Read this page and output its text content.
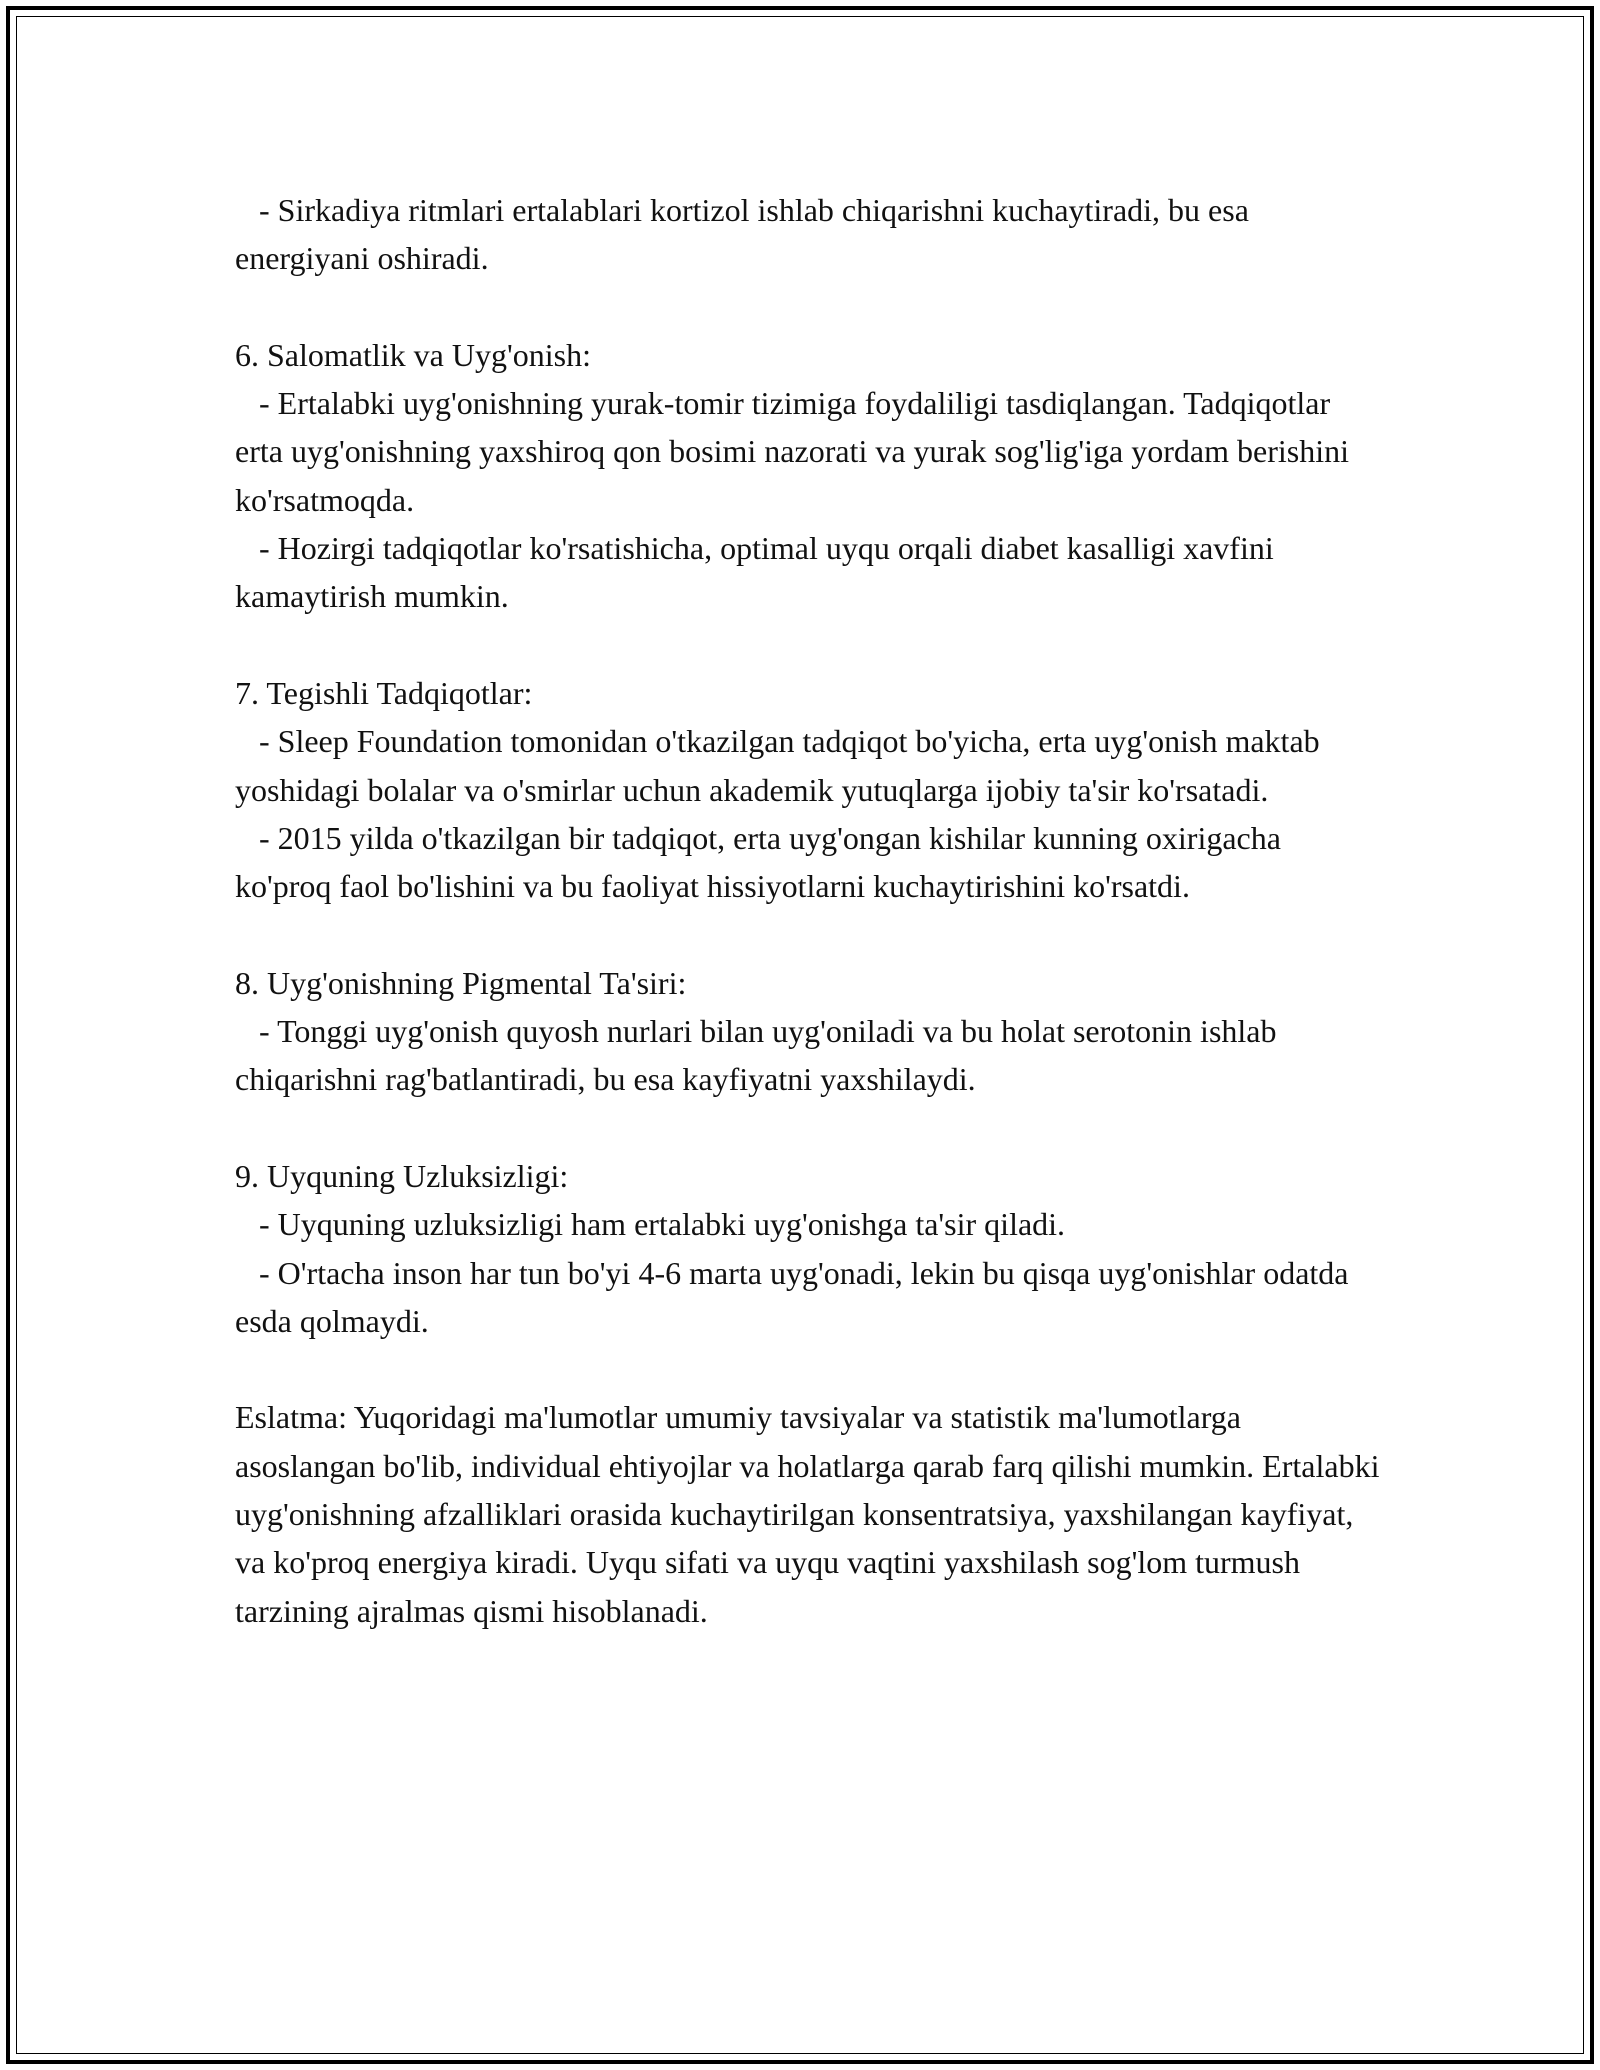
- Sirkadiya ritmlari ertalablari kortizol ishlab chiqarishni kuchaytiradi, bu esa energiyani oshiradi.

6. Salomatlik va Uyg'onish:

- Ertalabki uyg'onishning yurak-tomir tizimiga foydaliligi tasdiqlangan. Tadqiqotlar erta uyg'onishning yaxshiroq qon bosimi nazorati va yurak sog'lig'iga yordam berishini ko'rsatmoqda.

- Hozirgi tadqiqotlar ko'rsatishicha, optimal uyqu orqali diabet kasalligi xavfini kamaytirish mumkin.

7. Tegishli Tadqiqotlar:

- Sleep Foundation tomonidan o'tkazilgan tadqiqot bo'yicha, erta uyg'onish maktab yoshidagi bolalar va o'smirlar uchun akademik yutuqlarga ijobiy ta'sir ko'rsatadi.

- 2015 yilda o'tkazilgan bir tadqiqot, erta uyg'ongan kishilar kunning oxirigacha ko'proq faol bo'lishini va bu faoliyat hissiyotlarni kuchaytirishini ko'rsatdi.

8. Uyg'onishning Pigmental Ta'siri:

- Tonggi uyg'onish quyosh nurlari bilan uyg'oniladi va bu holat serotonin ishlab chiqarishni rag'batlantiradi, bu esa kayfiyatni yaxshilaydi.

9. Uyquning Uzluksizligi:

- Uyquning uzluksizligi ham ertalabki uyg'onishga ta'sir qiladi.

- O'rtacha inson har tun bo'yi 4-6 marta uyg'onadi, lekin bu qisqa uyg'onishlar odatda esda qolmaydi.

Eslatma: Yuqoridagi ma'lumotlar umumiy tavsiyalar va statistik ma'lumotlarga asoslangan bo'lib, individual ehtiyojlar va holatlarga qarab farq qilishi mumkin. Ertalabki uyg'onishning afzalliklari orasida kuchaytirilgan konsentratsiya, yaxshilangan kayfiyat, va ko'proq energiya kiradi. Uyqu sifati va uyqu vaqtini yaxshilash sog'lom turmush tarzining ajralmas qismi hisoblanadi.
